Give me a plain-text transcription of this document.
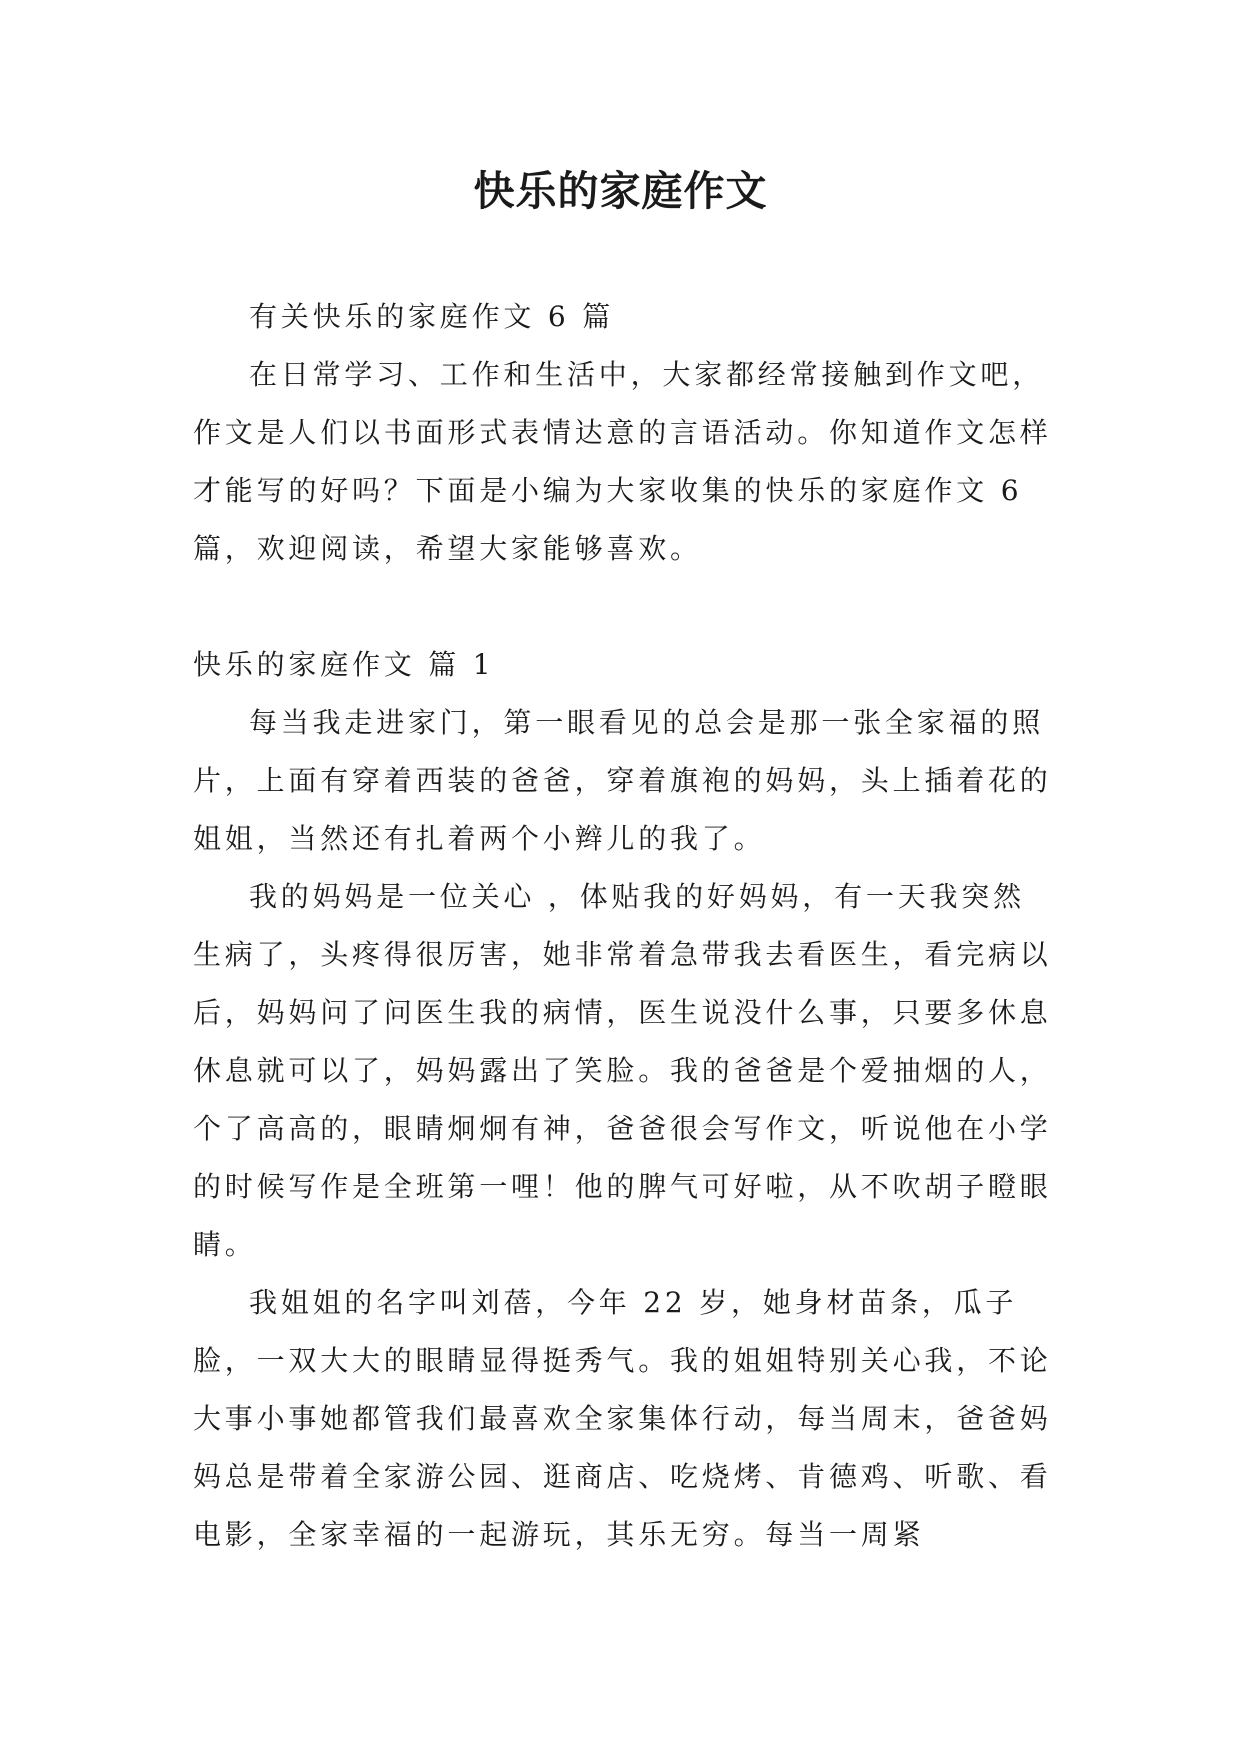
快乐的家庭作文

有关快乐的家庭作文 6 篇

在日常学习、工作和生活中，大家都经常接触到作文吧，作文是人们以书面形式表情达意的言语活动。你知道作文怎样才能写的好吗？下面是小编为大家收集的快乐的家庭作文 6 篇，欢迎阅读，希望大家能够喜欢。

快乐的家庭作文 篇 1

每当我走进家门，第一眼看见的总会是那一张全家福的照片，上面有穿着西装的爸爸，穿着旗袍的妈妈，头上插着花的姐姐，当然还有扎着两个小辫儿的我了。

我的妈妈是一位关心 ，体贴我的好妈妈，有一天我突然生病了，头疼得很厉害，她非常着急带我去看医生，看完病以后，妈妈问了问医生我的病情，医生说没什么事，只要多休息休息就可以了，妈妈露出了笑脸。我的爸爸是个爱抽烟的人，个了高高的，眼睛炯炯有神，爸爸很会写作文，听说他在小学的时候写作是全班第一哩！他的脾气可好啦，从不吹胡子瞪眼睛。

我姐姐的名字叫刘蓓，今年 22 岁，她身材苗条，瓜子脸，一双大大的眼睛显得挺秀气。我的姐姐特别关心我，不论大事小事她都管我们最喜欢全家集体行动，每当周末，爸爸妈妈总是带着全家游公园、逛商店、吃烧烤、肯德鸡、听歌、看电影，全家幸福的一起游玩，其乐无穷。每当一周紧
